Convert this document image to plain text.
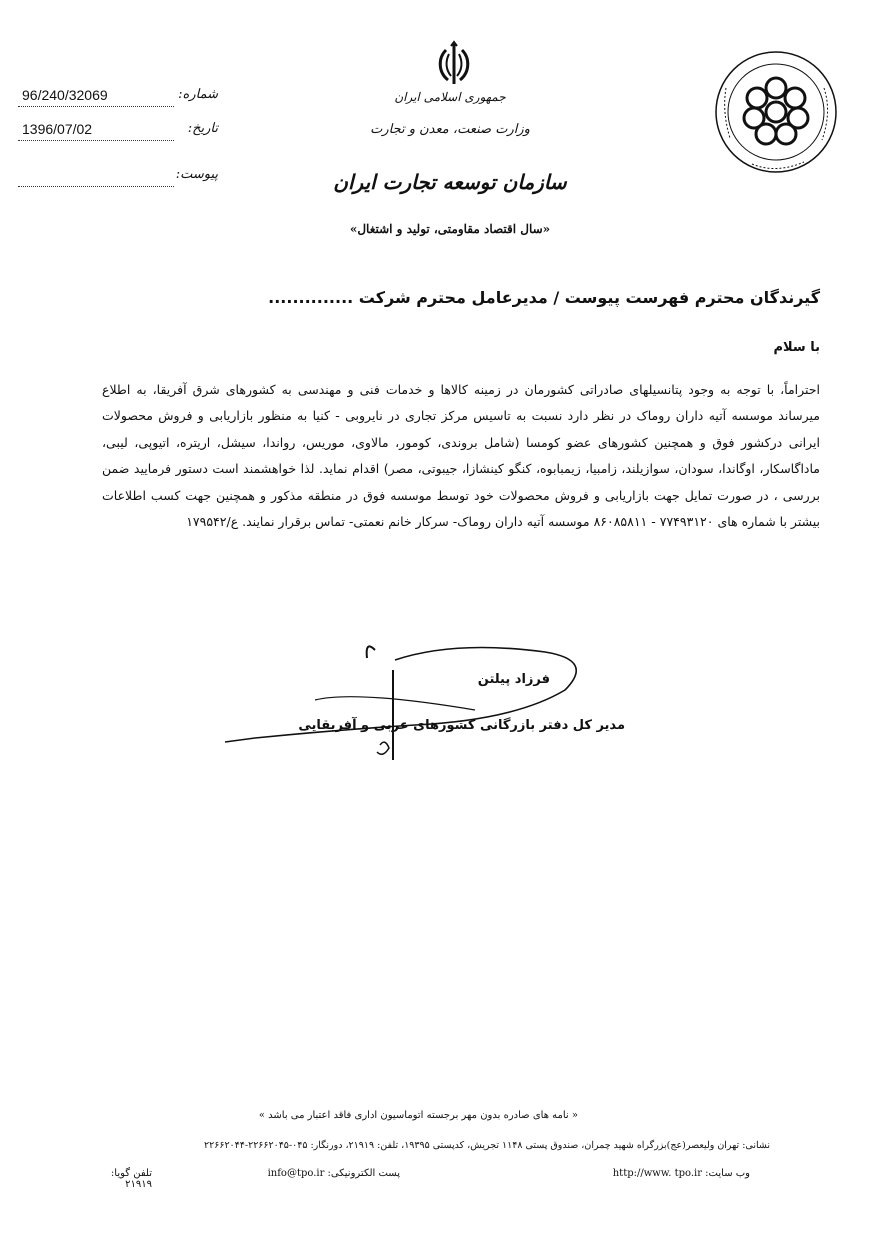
96/240/32069	شماره:
1396/07/02	تاریخ:
پیوست:
جمهوری اسلامی ایران
وزارت صنعت، معدن و تجارت
سازمان توسعه تجارت ایران
«سال اقتصاد مقاومتی، تولید و اشتغال»
گیرندگان محترم فهرست پیوست / مدیرعامل محترم شرکت ..............
با سلام
احتراماً، با توجه به وجود پتانسیلهای صادراتی کشورمان در زمینه کالاها و خدمات فنی و مهندسی به کشورهای شرق آفریقا، به اطلاع میرساند موسسه آتیه داران روماک در نظر دارد نسبت به تاسیس مرکز تجاری در نایروبی - کنیا به منظور بازاریابی و فروش محصولات ایرانی درکشور فوق و همچنین کشورهای عضو کومسا (شامل بروندی، کومور، مالاوی، موریس، رواندا، سیشل، اریتره، اتیوپی، لیبی، ماداگاسکار، اوگاندا، سودان، سوازیلند، زامبیا، زیمبابوه، کنگو کینشازا، جیبوتی، مصر) اقدام نماید. لذا خواهشمند است دستور فرمایید ضمن بررسی ، در صورت تمایل جهت بازاریابی و فروش محصولات خود توسط موسسه فوق در منطقه مذکور و همچنین جهت کسب اطلاعات بیشتر با شماره های ۷۷۴۹۳۱۲۰ - ۸۶۰۸۵۸۱۱ موسسه آتیه داران روماک- سرکار خانم نعمتی- تماس برقرار نمایند. ع/۱۷۹۵۴۲
فرزاد پیلتن
مدیر کل دفتر بازرگانی کشورهای عربی و آفریقایی
« نامه های صادره بدون مهر برجسته اتوماسیون اداری فاقد اعتبار می باشد »
نشانی: تهران ولیعصر(عج)بزرگراه شهید چمران، صندوق پستی ۱۱۴۸ تجریش، کدپستی ۱۹۳۹۵، تلفن: ۲۱۹۱۹، دورنگار: ۰۴۵-۲۲۶۶۲۰۴۵-۲۲۶۶۲۰۴۴
وب سایت: http://www. tpo.ir
پست الکترونیکی: info@tpo.ir
تلفن گویا: ۲۱۹۱۹
